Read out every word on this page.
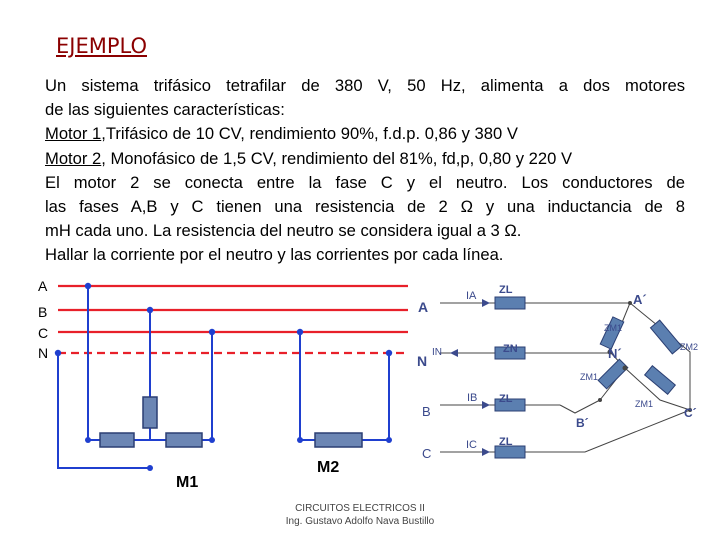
EJEMPLO
Un sistema trifásico tetrafilar de 380 V, 50 Hz, alimenta a dos motores
de las siguientes características:
Motor 1,Trifásico de 10 CV, rendimiento 90%, f.d.p. 0,86 y 380 V
Motor 2, Monofásico de 1,5 CV, rendimiento del 81%, fd,p, 0,80 y 220 V
El motor 2 se conecta entre la fase C y el neutro. Los conductores de
las fases A,B y C tienen una resistencia de 2 Ω y una inductancia de 8
mH cada uno. La resistencia del neutro se considera igual a 3 Ω.
Hallar la corriente por el neutro y las corrientes por cada línea.
A
B
C
N
M1
M2
A
N
B
C
IA
IN
IB
IC
ZL
ZN
ZL
ZL
ZM1
ZM2
ZM1
ZM1
A´
N´
B´
C´
CIRCUITOS ELECTRICOS II
Ing. Gustavo Adolfo Nava Bustillo
